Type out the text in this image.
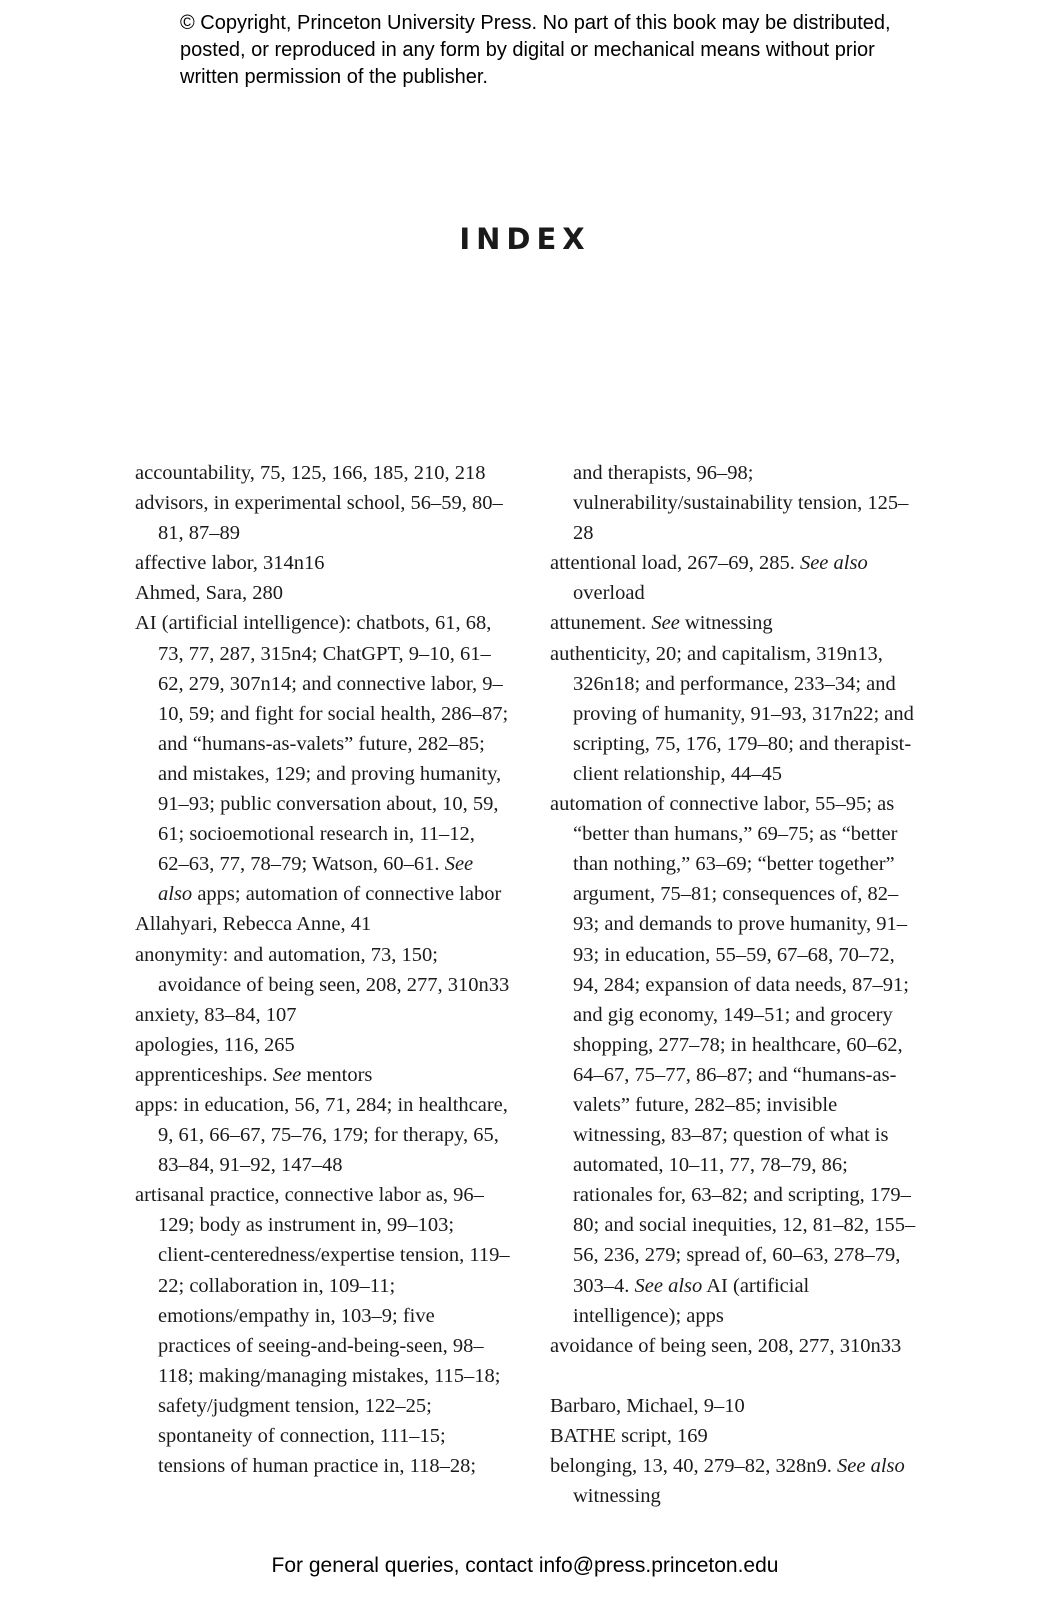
© Copyright, Princeton University Press. No part of this book may be distributed, posted, or reproduced in any form by digital or mechanical means without prior written permission of the publisher.
INDEX
accountability, 75, 125, 166, 185, 210, 218
advisors, in experimental school, 56–59, 80–81, 87–89
affective labor, 314n16
Ahmed, Sara, 280
AI (artificial intelligence): chatbots, 61, 68, 73, 77, 287, 315n4; ChatGPT, 9–10, 61–62, 279, 307n14; and connective labor, 9–10, 59; and fight for social health, 286–87; and “humans-as-valets” future, 282–85; and mistakes, 129; and proving humanity, 91–93; public conversation about, 10, 59, 61; socioemotional research in, 11–12, 62–63, 77, 78–79; Watson, 60–61. See also apps; automation of connective labor
Allahyari, Rebecca Anne, 41
anonymity: and automation, 73, 150; avoidance of being seen, 208, 277, 310n33
anxiety, 83–84, 107
apologies, 116, 265
apprenticeships. See mentors
apps: in education, 56, 71, 284; in healthcare, 9, 61, 66–67, 75–76, 179; for therapy, 65, 83–84, 91–92, 147–48
artisanal practice, connective labor as, 96–129; body as instrument in, 99–103; client-centeredness/expertise tension, 119–22; collaboration in, 109–11; emotions/empathy in, 103–9; five practices of seeing-and-being-seen, 98–118; making/managing mistakes, 115–18; safety/judgment tension, 122–25; spontaneity of connection, 111–15; tensions of human practice in, 118–28;
and therapists, 96–98; vulnerability/sustainability tension, 125–28
attentional load, 267–69, 285. See also overload
attunement. See witnessing
authenticity, 20; and capitalism, 319n13, 326n18; and performance, 233–34; and proving of humanity, 91–93, 317n22; and scripting, 75, 176, 179–80; and therapist-client relationship, 44–45
automation of connective labor, 55–95; as “better than humans,” 69–75; as “better than nothing,” 63–69; “better together” argument, 75–81; consequences of, 82–93; and demands to prove humanity, 91–93; in education, 55–59, 67–68, 70–72, 94, 284; expansion of data needs, 87–91; and gig economy, 149–51; and grocery shopping, 277–78; in healthcare, 60–62, 64–67, 75–77, 86–87; and “humans-as-valets” future, 282–85; invisible witnessing, 83–87; question of what is automated, 10–11, 77, 78–79, 86; rationales for, 63–82; and scripting, 179–80; and social inequities, 12, 81–82, 155–56, 236, 279; spread of, 60–63, 278–79, 303–4. See also AI (artificial intelligence); apps
avoidance of being seen, 208, 277, 310n33
Barbaro, Michael, 9–10
BATHE script, 169
belonging, 13, 40, 279–82, 328n9. See also witnessing
For general queries, contact info@press.princeton.edu
